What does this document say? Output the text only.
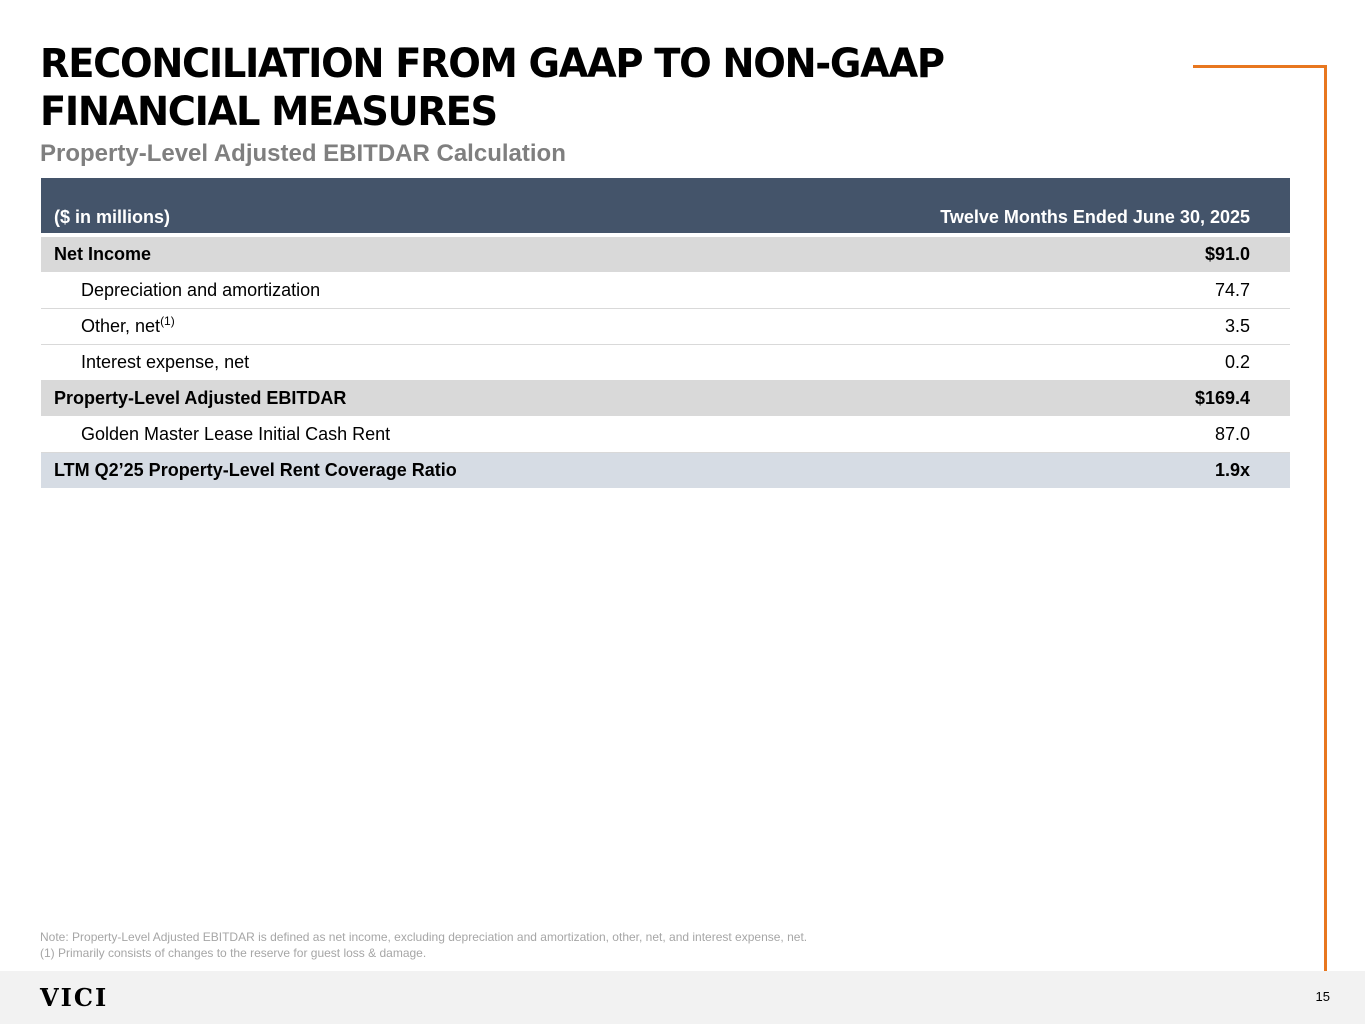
RECONCILIATION FROM GAAP TO NON-GAAP FINANCIAL MEASURES
Property-Level Adjusted EBITDAR Calculation
($ in millions)	Twelve Months Ended June 30, 2025
Net Income	$91.0
Depreciation and amortization	74.7
Other, net$^{(1)}$	3.5
Interest expense, net	0.2
Property-Level Adjusted EBITDAR	$169.4
Golden Master Lease Initial Cash Rent	87.0
LTM Q2’25 Property-Level Rent Coverage Ratio	1.9x
Note: Property-Level Adjusted EBITDAR is defined as net income, excluding depreciation and amortization, other, net, and interest expense, net.
(1) Primarily consists of changes to the reserve for guest loss & damage.
VICI	15
